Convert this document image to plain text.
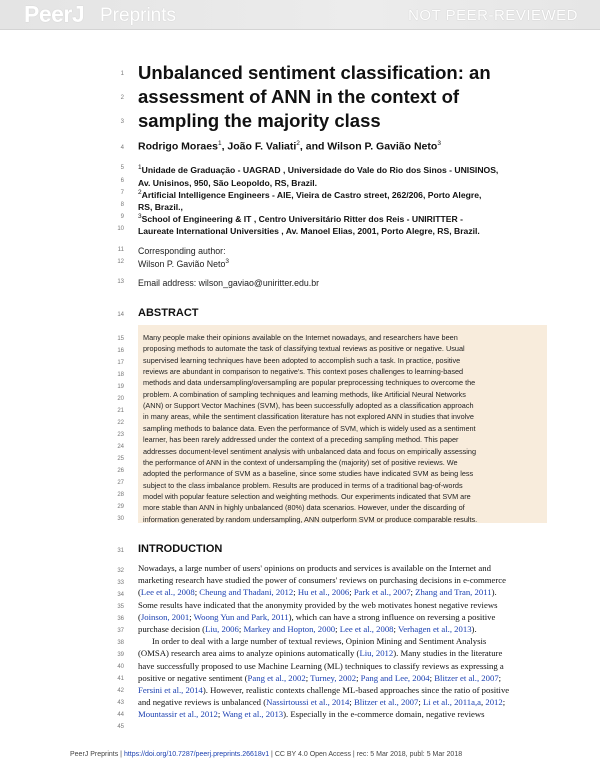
PeerJ Preprints	NOT PEER-REVIEWED
1
2
3
4
5
6
7
8
9
10
11
12
13
14
15
16
17
18
19
20
21
22
23
24
25
26
27
28
29
30
31
32
33
34
35
36
37
38
39
40
41
42
43
44
45
Unbalanced sentiment classification: an
assessment of ANN in the context of
sampling the majority class
Rodrigo Moraes$^1$, João F. Valiati$^2$, and Wilson P. Gavião Neto$^3$
$^1$Unidade de Graduação - UAGRAD , Universidade do Vale do Rio dos Sinos - UNISINOS,
Av. Unisinos, 950, São Leopoldo, RS, Brazil.
$^2$Artificial Intelligence Engineers - AIE, Vieira de Castro street, 262/206, Porto Alegre,
RS, Brazil.,
$^3$School of Engineering & IT , Centro Universitário Ritter dos Reis - UNIRITTER -
Laureate International Universities , Av. Manoel Elias, 2001, Porto Alegre, RS, Brazil.
Corresponding author:
Wilson P. Gavião Neto$^3$
Email address: wilson_gaviao@uniritter.edu.br
ABSTRACT
Many people make their opinions available on the Internet nowadays, and researchers have been
proposing methods to automate the task of classifying textual reviews as positive or negative. Usual
supervised learning techniques have been adopted to accomplish such a task. In practice, positive
reviews are abundant in comparison to negative's. This context poses challenges to learning-based
methods and data undersampling/oversampling are popular preprocessing techniques to overcome the
problem. A combination of sampling techniques and learning methods, like Artificial Neural Networks
(ANN) or Support Vector Machines (SVM), has been successfully adopted as a classification approach
in many areas, while the sentiment classification literature has not explored ANN in studies that involve
sampling methods to balance data. Even the performance of SVM, which is widely used as a sentiment
learner, has been rarely addressed under the context of a preceding sampling method. This paper
addresses document-level sentiment analysis with unbalanced data and focus on empirically assessing
the performance of ANN in the context of undersampling the (majority) set of positive reviews. We
adopted the performance of SVM as a baseline, since some studies have indicated SVM as being less
subject to the class imbalance problem. Results are produced in terms of a traditional bag-of-words
model with popular feature selection and weighting methods. Our experiments indicated that SVM are
more stable than ANN in highly unbalanced (80%) data scenarios. However, under the discarding of
information generated by random undersampling, ANN outperform SVM or produce comparable results.
INTRODUCTION
Nowadays, a large number of users' opinions on products and services is available on the Internet and
marketing research have studied the power of consumers' reviews on purchasing decisions in e-commerce
(Lee et al., 2008; Cheung and Thadani, 2012; Hu et al., 2006; Park et al., 2007; Zhang and Tran, 2011).
Some results have indicated that the anonymity provided by the web motivates honest negative reviews
(Joinson, 2001; Woong Yun and Park, 2011), which can have a strong influence on reversing a positive
purchase decision (Liu, 2006; Markey and Hopton, 2000; Lee et al., 2008; Verhagen et al., 2013).
In order to deal with a large number of textual reviews, Opinion Mining and Sentiment Analysis
(OMSA) research area aims to analyze opinions automatically (Liu, 2012). Many studies in the literature
have successfully proposed to use Machine Learning (ML) techniques to classify reviews as expressing a
positive or negative sentiment (Pang et al., 2002; Turney, 2002; Pang and Lee, 2004; Blitzer et al., 2007;
Fersini et al., 2014). However, realistic contexts challenge ML-based approaches since the ratio of positive
and negative reviews is unbalanced (Nassirtoussi et al., 2014; Blitzer et al., 2007; Li et al., 2011a,a, 2012;
Mountassir et al., 2012; Wang et al., 2013). Especially in the e-commerce domain, negative reviews
PeerJ Preprints | https://doi.org/10.7287/peerj.preprints.26618v1 | CC BY 4.0 Open Access | rec: 5 Mar 2018, publ: 5 Mar 2018
